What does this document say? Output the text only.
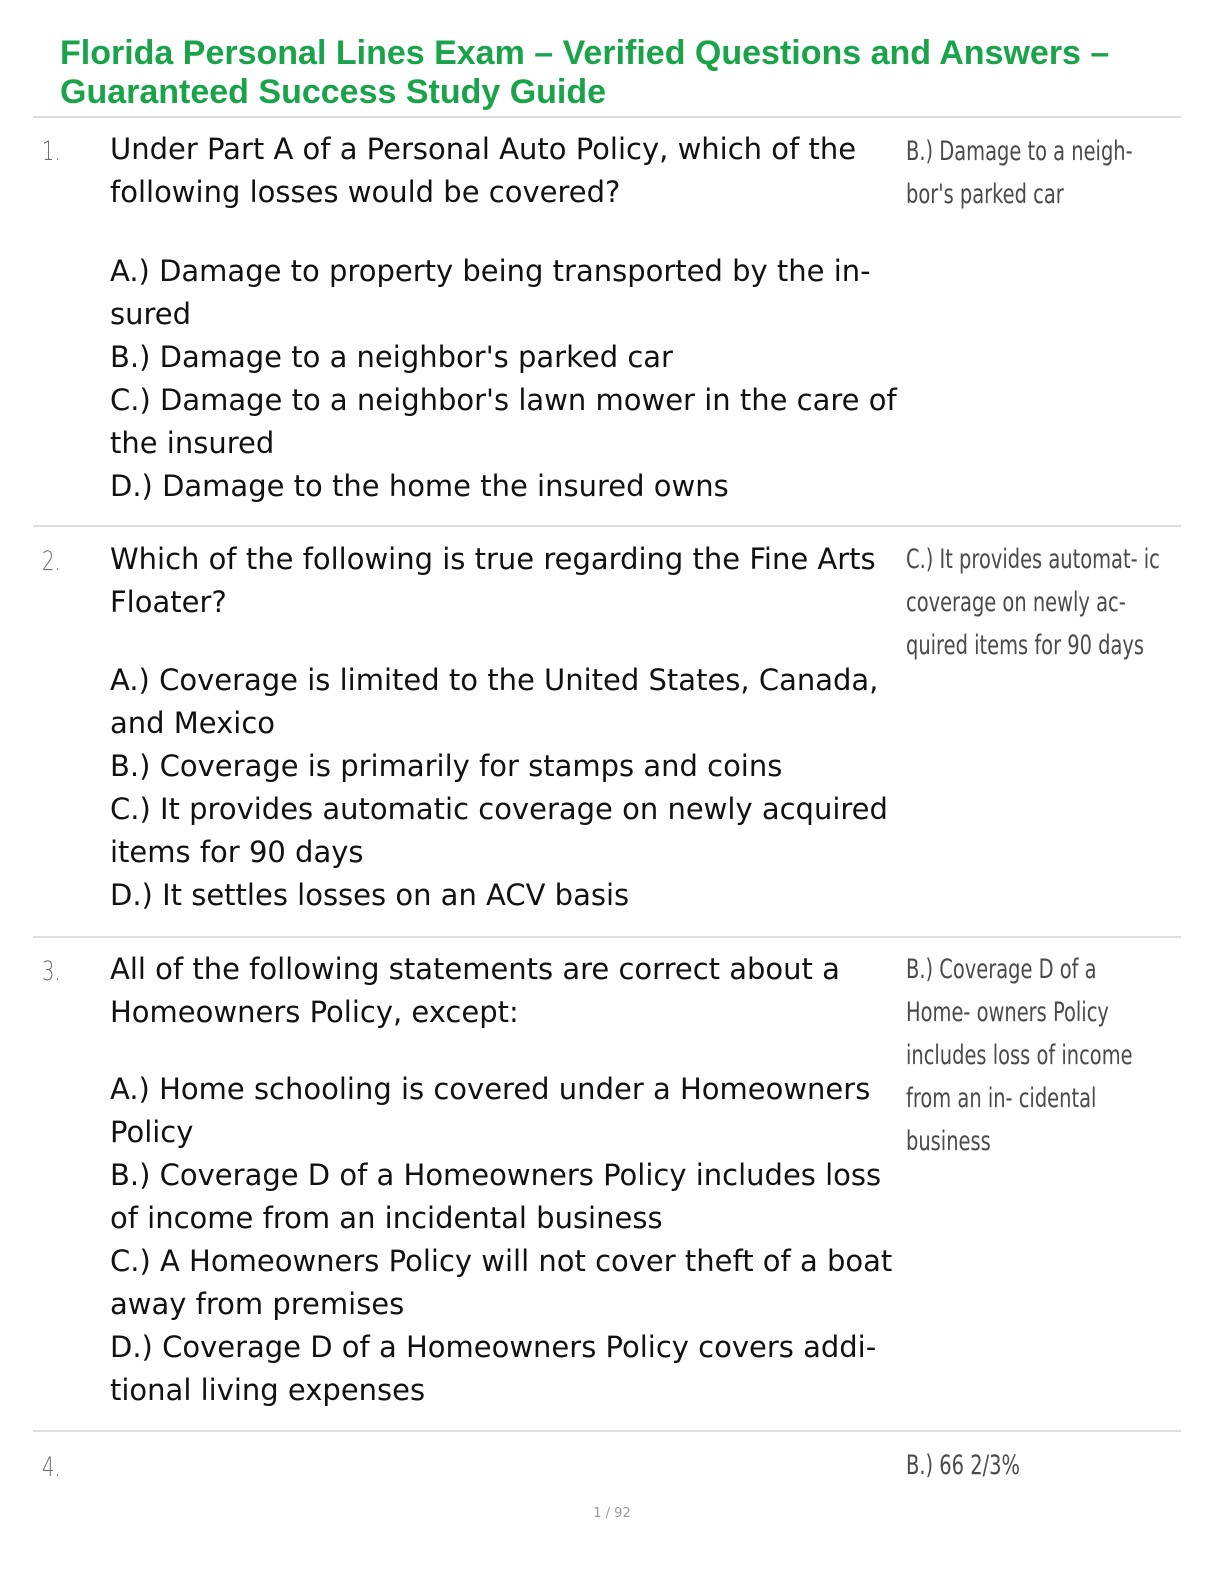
Florida Personal Lines Exam – Verified Questions and Answers – Guaranteed Success Study Guide
1. Under Part A of a Personal Auto Policy, which of the following losses would be covered?
A.) Damage to property being transported by the in- sured
B.) Damage to a neighbor's parked car
C.) Damage to a neighbor's lawn mower in the care of the insured
D.) Damage to the home the insured owns
B.) Damage to a neigh- bor's parked car
2. Which of the following is true regarding the Fine Arts Floater?
A.) Coverage is limited to the United States, Canada, and Mexico
B.) Coverage is primarily for stamps and coins
C.) It provides automatic coverage on newly acquired items for 90 days
D.) It settles losses on an ACV basis
C.) It provides automat- ic coverage on newly ac- quired items for 90 days
3. All of the following statements are correct about a Homeowners Policy, except:
A.) Home schooling is covered under a Homeowners Policy
B.) Coverage D of a Homeowners Policy includes loss of income from an incidental business
C.) A Homeowners Policy will not cover theft of a boat away from premises
D.) Coverage D of a Homeowners Policy covers addi- tional living expenses
B.) Coverage D of a Home- owners Policy includes loss of income from an in- cidental business
4.	B.) 66 2/3%
1 / 92
